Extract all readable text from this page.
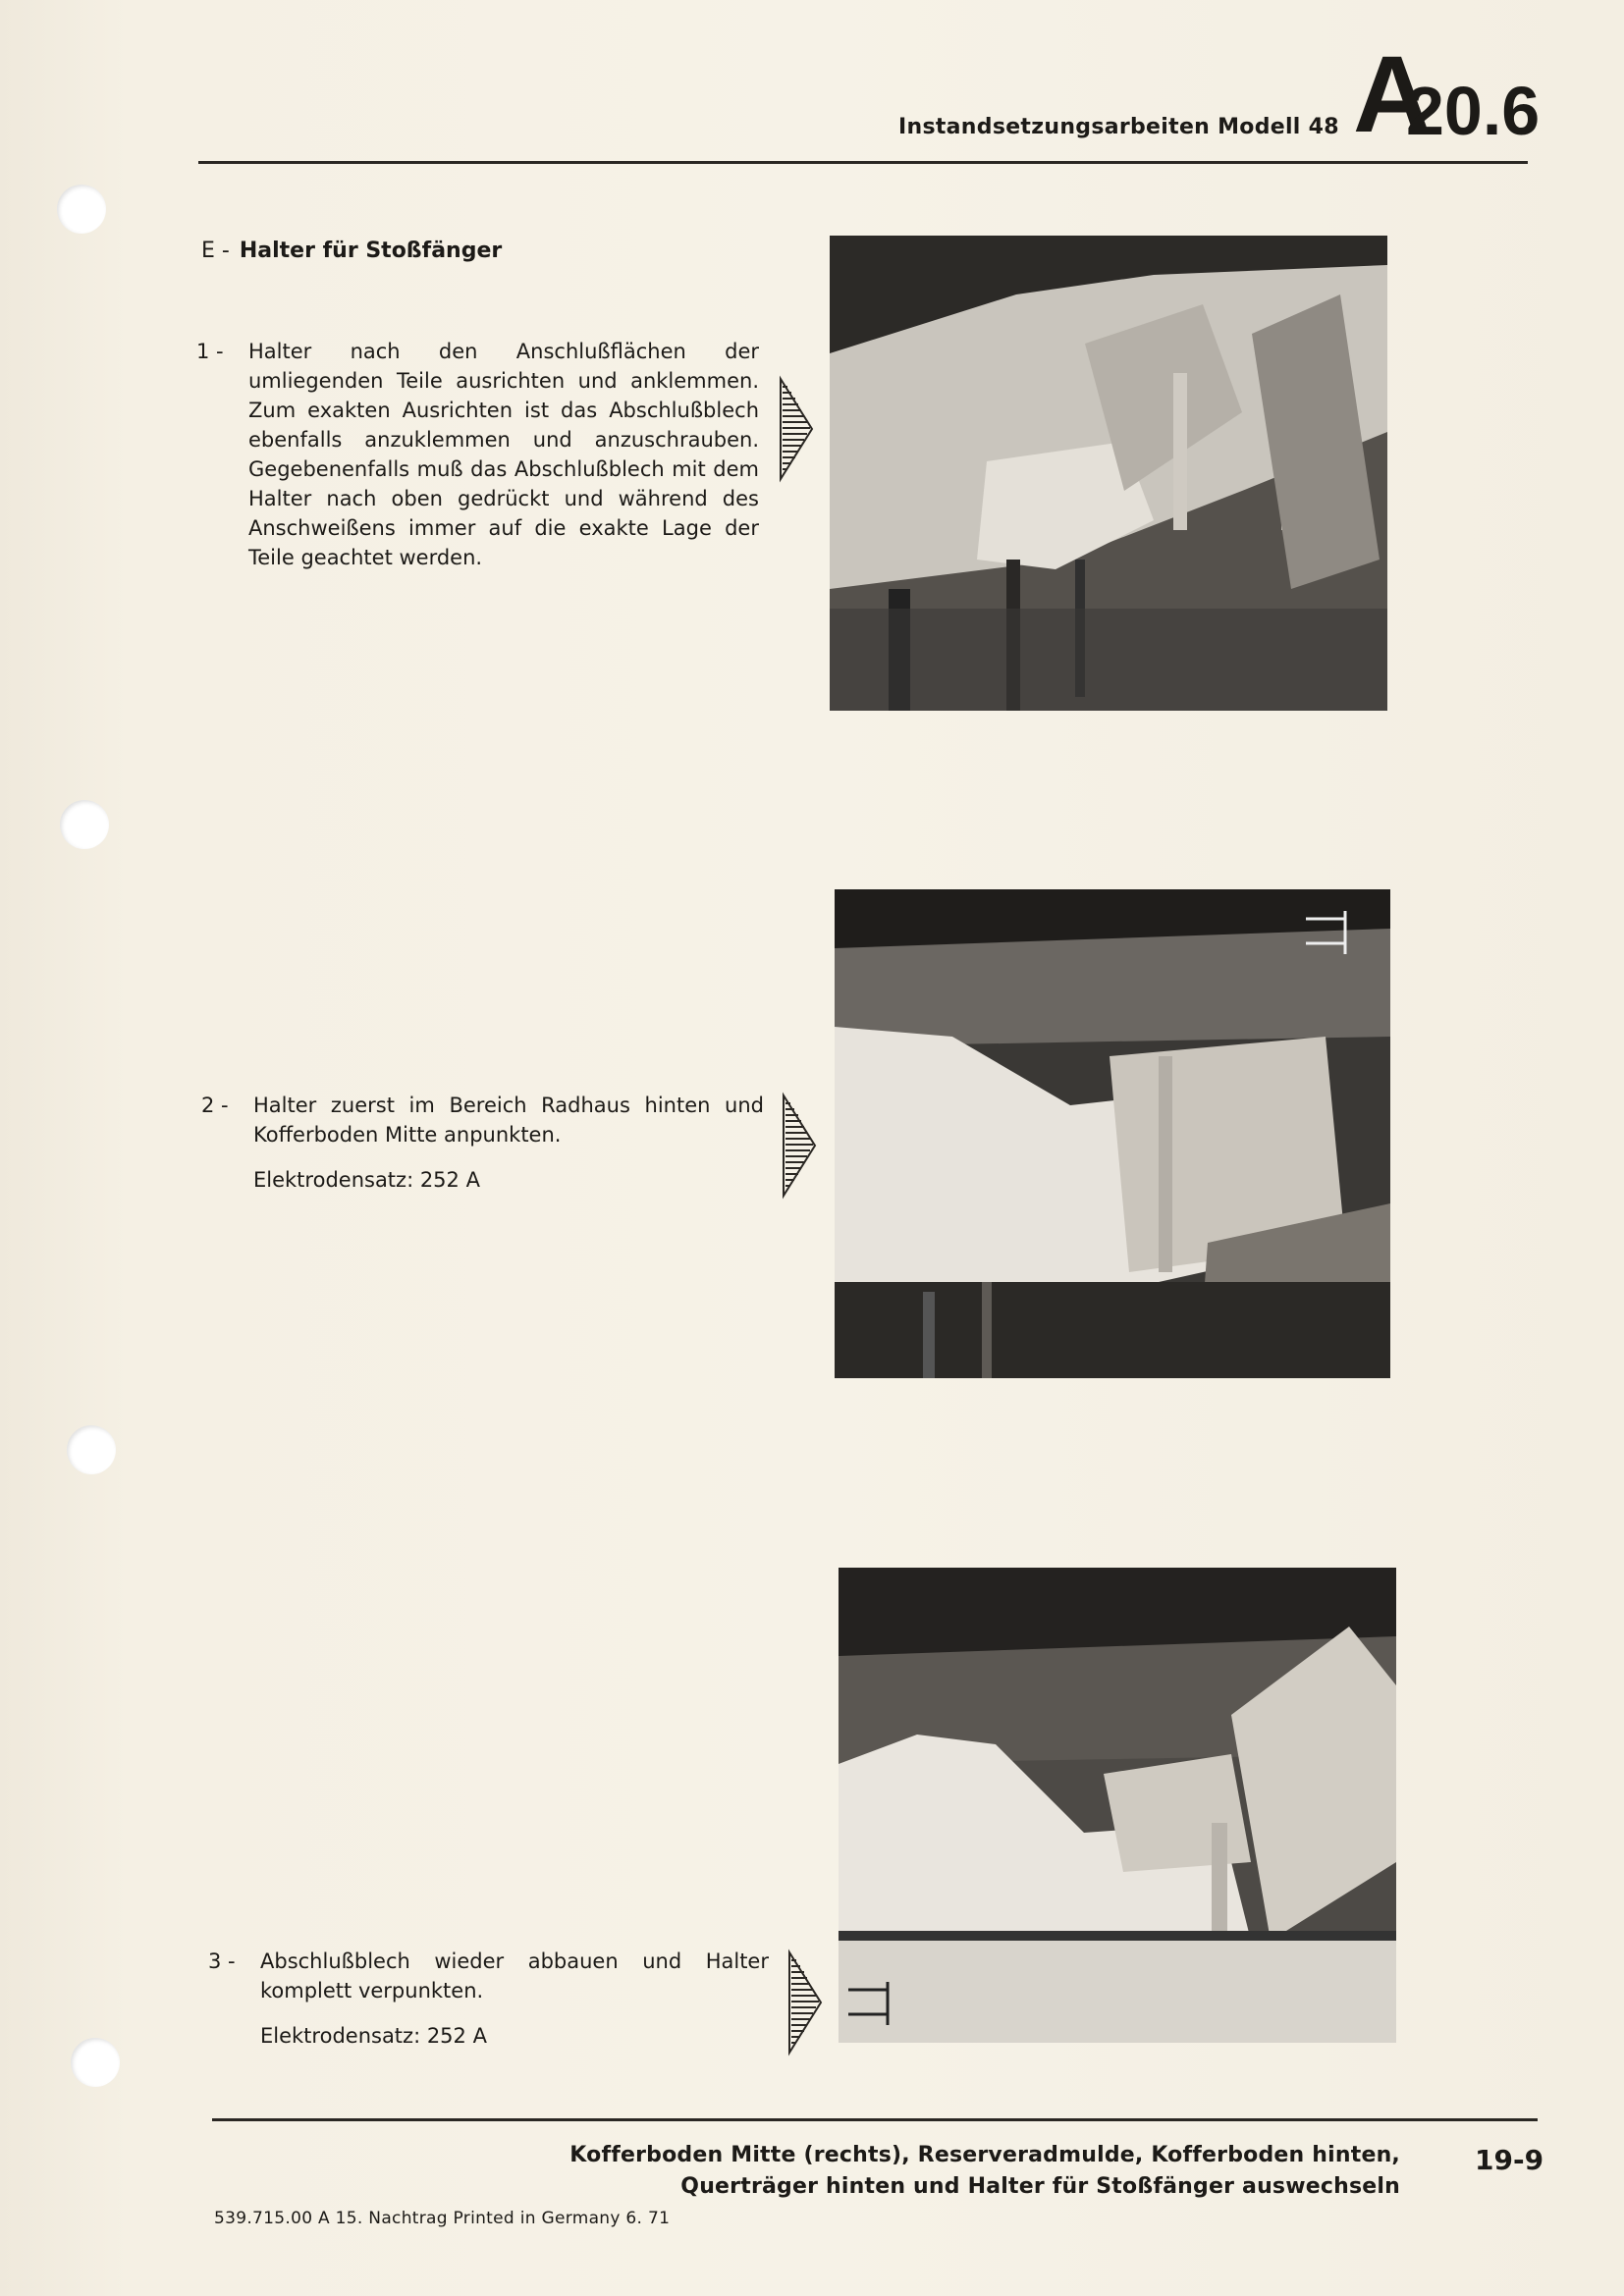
Instandsetzungsarbeiten Modell 48 A
20.6
E - Halter für Stoßfänger
1 - Halter nach den Anschlußflächen der umliegenden Teile ausrichten und anklemmen. Zum exakten Ausrichten ist das Abschlußblech ebenfalls anzuklemmen und anzuschrauben. Gegebenenfalls muß das Abschlußblech mit dem Halter nach oben gedrückt und während des Anschweißens immer auf die exakte Lage der Teile geachtet werden.
2 - Halter zuerst im Bereich Radhaus hinten und Kofferboden Mitte anpunkten.
Elektrodensatz: 252 A
3 - Abschlußblech wieder abbauen und Halter komplett verpunkten.
Elektrodensatz: 252 A
Kofferboden Mitte (rechts), Reserveradmulde, Kofferboden hinten,
Querträger hinten und Halter für Stoßfänger auswechseln
19-9
539.715.00 A 15. Nachtrag Printed in Germany 6. 71
